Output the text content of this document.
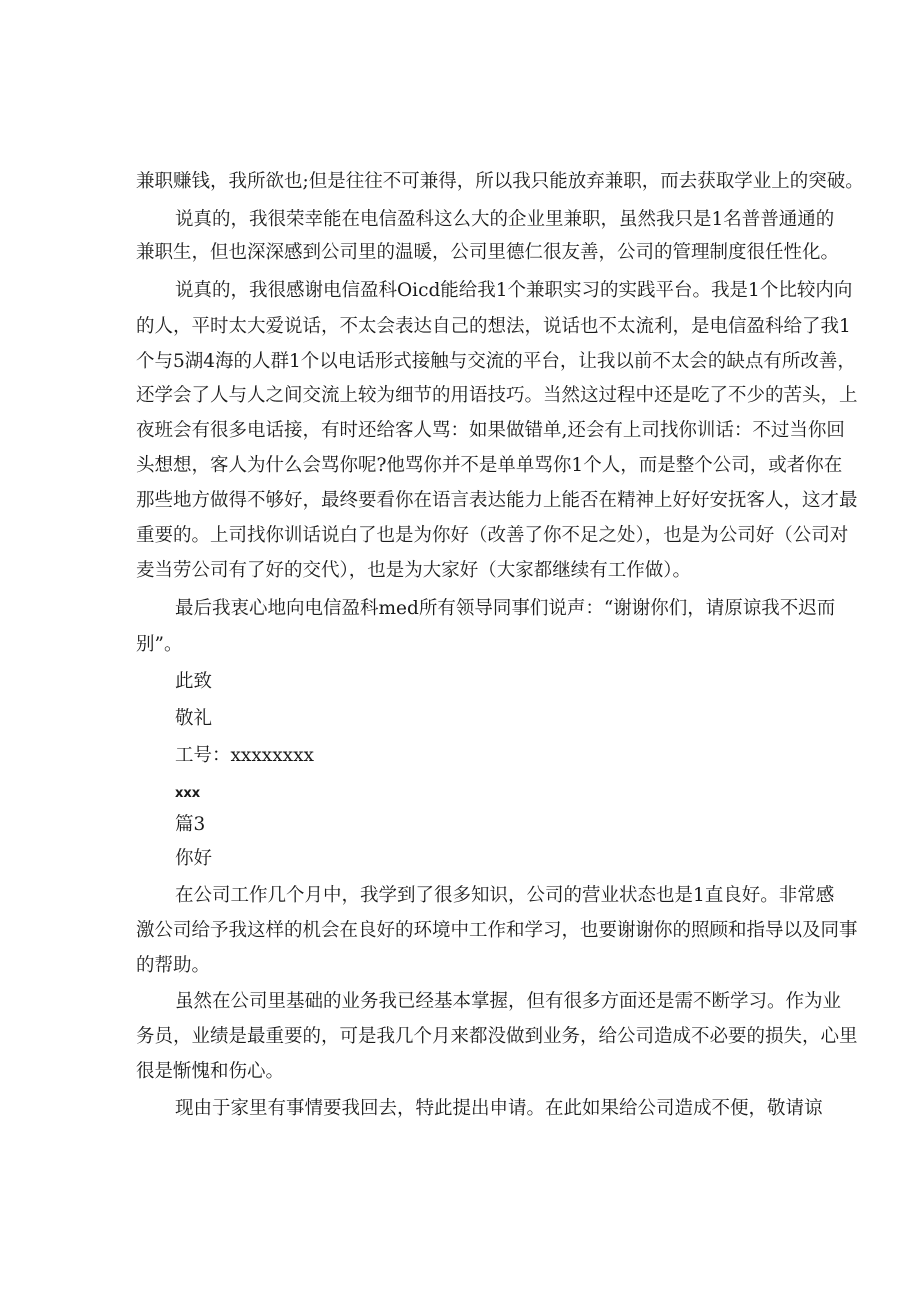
兼职赚钱，我所欲也;但是往往不可兼得，所以我只能放弃兼职，而去获取学业上的突破。
说真的，我很荣幸能在电信盈科这么大的企业里兼职，虽然我只是1名普普通通的
兼职生，但也深深感到公司里的温暖，公司里德仁很友善，公司的管理制度很任性化。
说真的，我很感谢电信盈科Oicd能给我1个兼职实习的实践平台。我是1个比较内向
的人，平时太大爱说话，不太会表达自己的想法，说话也不太流利，是电信盈科给了我1
个与5湖4海的人群1个以电话形式接触与交流的平台，让我以前不太会的缺点有所改善，
还学会了人与人之间交流上较为细节的用语技巧。当然这过程中还是吃了不少的苦头，上
夜班会有很多电话接，有时还给客人骂：如果做错单,还会有上司找你训话：不过当你回
头想想，客人为什么会骂你呢?他骂你并不是单单骂你1个人，而是整个公司，或者你在
那些地方做得不够好，最终要看你在语言表达能力上能否在精神上好好安抚客人，这才最
重要的。上司找你训话说白了也是为你好（改善了你不足之处），也是为公司好（公司对
麦当劳公司有了好的交代），也是为大家好（大家都继续有工作做）。
最后我衷心地向电信盈科med所有领导同事们说声：“谢谢你们，请原谅我不迟而
别”。
此致
敬礼
工号：xxxxxxxx
xxx
篇3
你好
在公司工作几个月中，我学到了很多知识，公司的营业状态也是1直良好。非常感
激公司给予我这样的机会在良好的环境中工作和学习，也要谢谢你的照顾和指导以及同事
的帮助。
虽然在公司里基础的业务我已经基本掌握，但有很多方面还是需不断学习。作为业
务员，业绩是最重要的，可是我几个月来都没做到业务，给公司造成不必要的损失，心里
很是惭愧和伤心。
现由于家里有事情要我回去，特此提出申请。在此如果给公司造成不便，敬请谅
